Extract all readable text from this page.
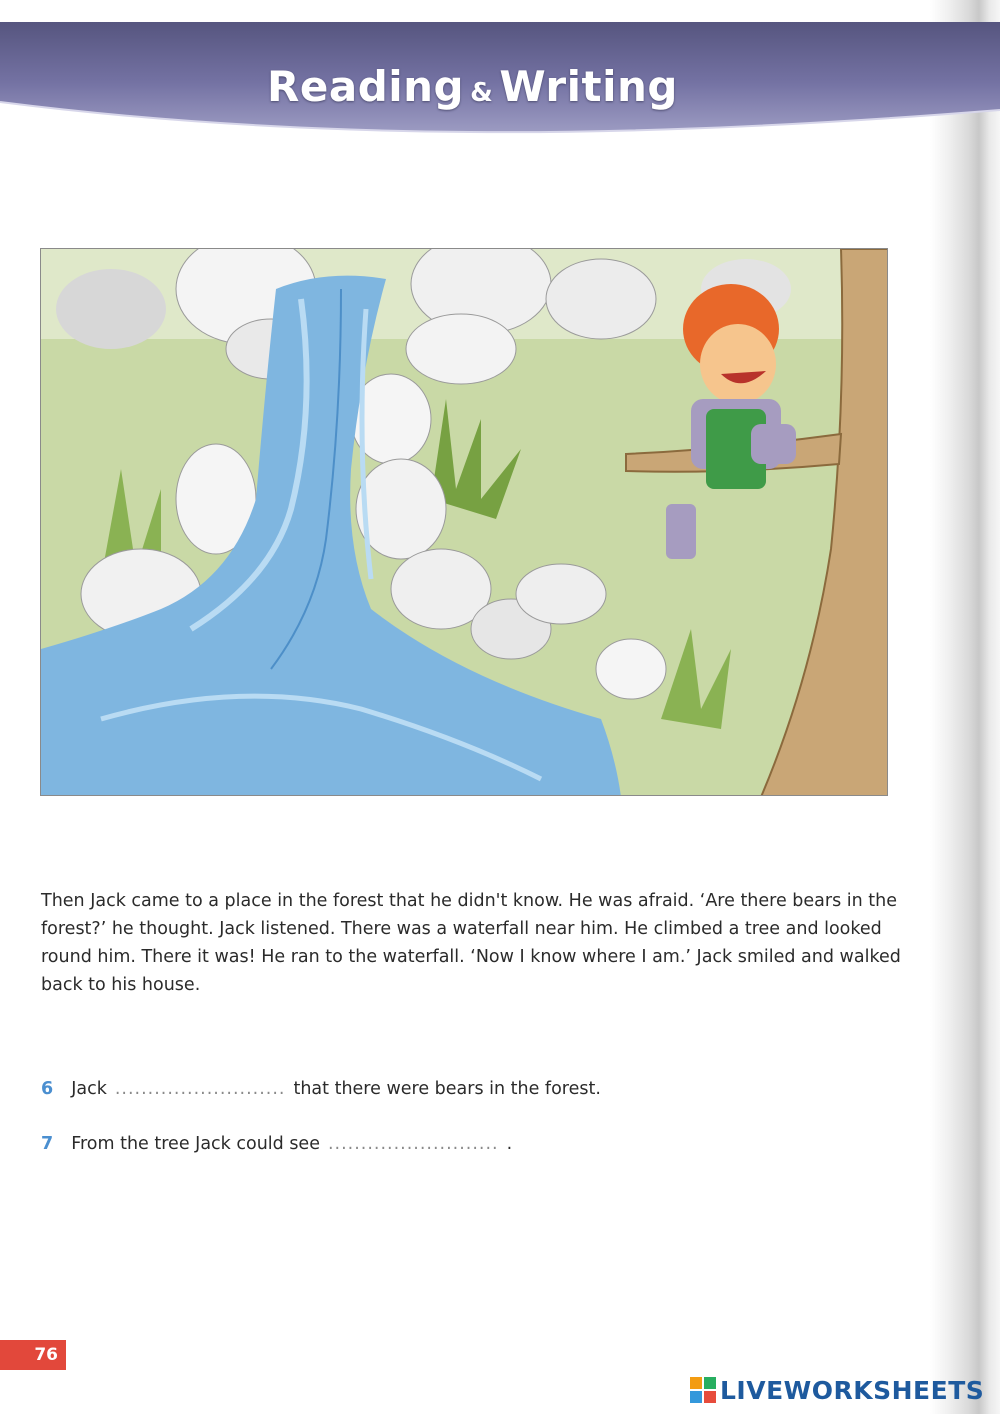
Reading & Writing
Then Jack came to a place in the forest that he didn't know. He was afraid. ‘Are there bears in the forest?’ he thought. Jack listened. There was a waterfall near him. He climbed a tree and looked round him. There it was! He ran to the waterfall. ‘Now I know where I am.’ Jack smiled and walked back to his house.
6 Jack .......................... that there were bears in the forest.
7 From the tree Jack could see .......................... .
76
LIVEWORKSHEETS
